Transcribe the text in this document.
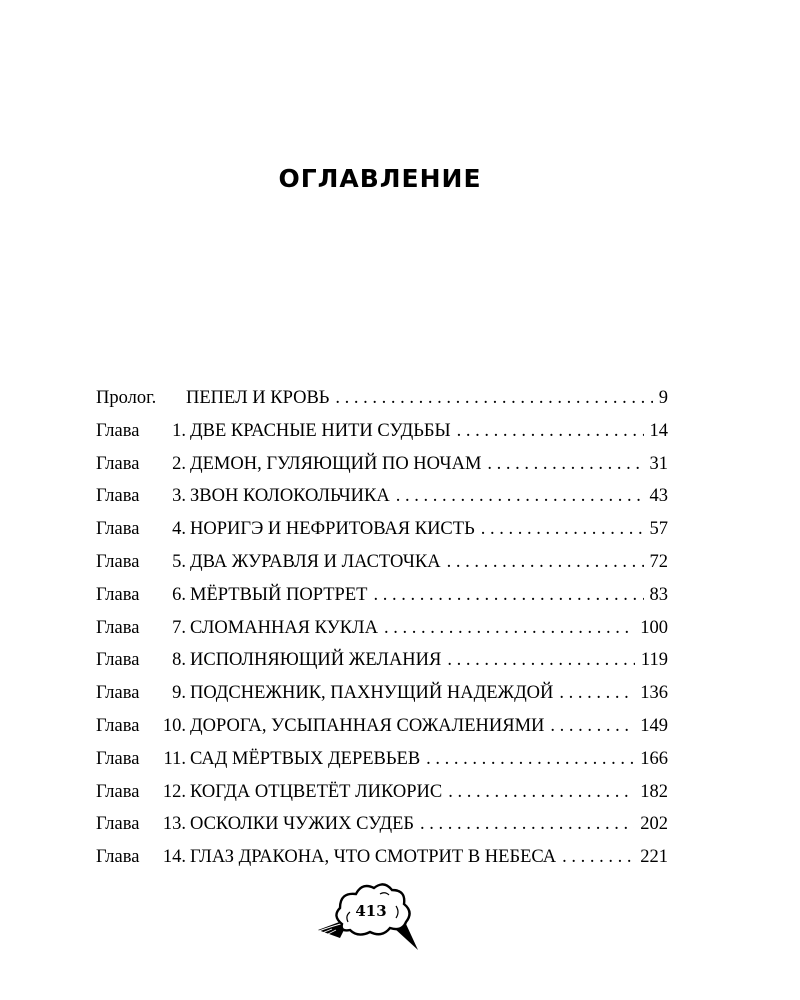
ОГЛАВЛЕНИЕ
Пролог.	ПЕПЕЛ И КРОВЬ . . .	9
Глава	1. ДВЕ КРАСНЫЕ НИТИ СУДЬБЫ . . .	14
Глава	2. ДЕМОН, ГУЛЯЮЩИЙ ПО НОЧАМ . . .	31
Глава	3. ЗВОН КОЛОКОЛЬЧИКА . . .	43
Глава	4. НОРИГЭ И НЕФРИТОВАЯ КИСТЬ . . .	57
Глава	5. ДВА ЖУРАВЛЯ И ЛАСТОЧКА . . .	72
Глава	6. МЁРТВЫЙ ПОРТРЕТ . . .	83
Глава	7. СЛОМАННАЯ КУКЛА . . .	100
Глава	8. ИСПОЛНЯЮЩИЙ ЖЕЛАНИЯ . . .	119
Глава	9. ПОДСНЕЖНИК, ПАХНУЩИЙ НАДЕЖДОЙ . . .	136
Глава	10. ДОРОГА, УСЫПАННАЯ СОЖАЛЕНИЯМИ . . .	149
Глава	11. САД МЁРТВЫХ ДЕРЕВЬЕВ . . .	166
Глава	12. КОГДА ОТЦВЕТЁТ ЛИКОРИС . . .	182
Глава	13. ОСКОЛКИ ЧУЖИХ СУДЕБ . . .	202
Глава	14. ГЛАЗ ДРАКОНА, ЧТО СМОТРИТ В НЕБЕСА . . .	221
413
